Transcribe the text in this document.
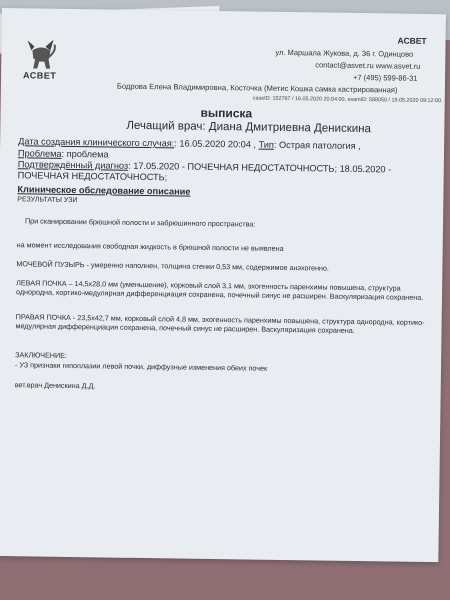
АСВЕТ
АСВЕТ
ул. Маршала Жукова, д. 36 г. Одинцово
contact@asvet.ru www.asvet.ru
+7 (495) 599-86-31
Бодрова Елена Владимировна, Косточка (Метис Кошка самка кастрированная)
caseID: 152767 / 16.05.2020 20:04:00, examID: 588050 / 19.05.2020 09:12:00
выписка
Лечащий врач: Диана Дмитриевна Денискина
Дата создания клинического случая:: 16.05.2020 20:04 , Тип: Острая патология ,
Проблема: проблема
Подтверждённый диагноз: 17.05.2020 - ПОЧЕЧНАЯ НЕДОСТАТОЧНОСТЬ; 18.05.2020 -
ПОЧЕЧНАЯ НЕДОСТАТОЧНОСТЬ;
Клиническое обследование описание
РЕЗУЛЬТАТЫ УЗИ
При сканировании брюшной полости и забрюшинного пространства:
на момент исследования свободная жидкость в брюшной полости не выявлена
МОЧЕВОЙ ПУЗЫРЬ - умеренно наполнен, толщина стенки 0,53 мм, содержимое анэхогенно.
ЛЕВАЯ ПОЧКА – 14,5x28,0 мм (уменьшение), корковый слой 3,1 мм, эхогенность паренхимы повышена, структура однородна, кортико-медулярная дифференциация сохранена, почечный синус не расширен. Васкуляризация сохранена.
ПРАВАЯ ПОЧКА - 23,5x42,7 мм, корковый слой 4,8 мм, эхогенность паренхимы повышена, структура однородна, кортико-медулярная дифференциация сохранена, почечный синус не расширен. Васкуляризация сохранена.
ЗАКЛЮЧЕНИЕ:
- УЗ признаки гипоплазии левой почки, диффузные изменения обеих почек
вет.врач Денискина Д.Д.
